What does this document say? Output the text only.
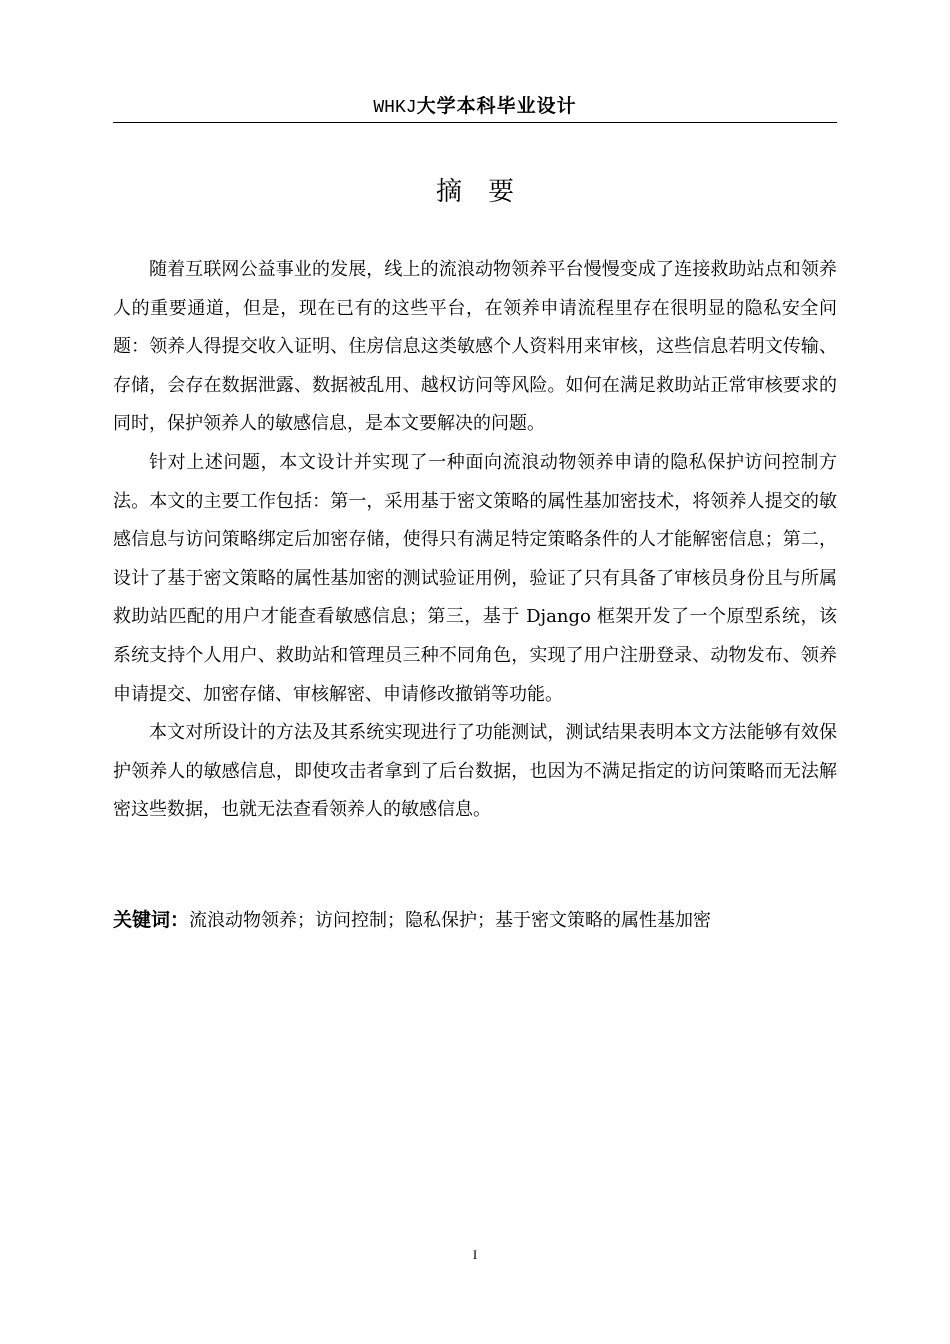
WHKJ大学本科毕业设计
摘　要

随着互联网公益事业的发展，线上的流浪动物领养平台慢慢变成了连接救助站点和领养人的重要通道，但是，现在已有的这些平台，在领养申请流程里存在很明显的隐私安全问题：领养人得提交收入证明、住房信息这类敏感个人资料用来审核，这些信息若明文传输、存储，会存在数据泄露、数据被乱用、越权访问等风险。如何在满足救助站正常审核要求的同时，保护领养人的敏感信息，是本文要解决的问题。

针对上述问题，本文设计并实现了一种面向流浪动物领养申请的隐私保护访问控制方法。本文的主要工作包括：第一，采用基于密文策略的属性基加密技术，将领养人提交的敏感信息与访问策略绑定后加密存储，使得只有满足特定策略条件的人才能解密信息；第二，设计了基于密文策略的属性基加密的测试验证用例，验证了只有具备了审核员身份且与所属救助站匹配的用户才能查看敏感信息；第三，基于 Django 框架开发了一个原型系统，该系统支持个人用户、救助站和管理员三种不同角色，实现了用户注册登录、动物发布、领养申请提交、加密存储、审核解密、申请修改撤销等功能。

本文对所设计的方法及其系统实现进行了功能测试，测试结果表明本文方法能够有效保护领养人的敏感信息，即使攻击者拿到了后台数据，也因为不满足指定的访问策略而无法解密这些数据，也就无法查看领养人的敏感信息。

关键词：流浪动物领养；访问控制；隐私保护；基于密文策略的属性基加密
I
